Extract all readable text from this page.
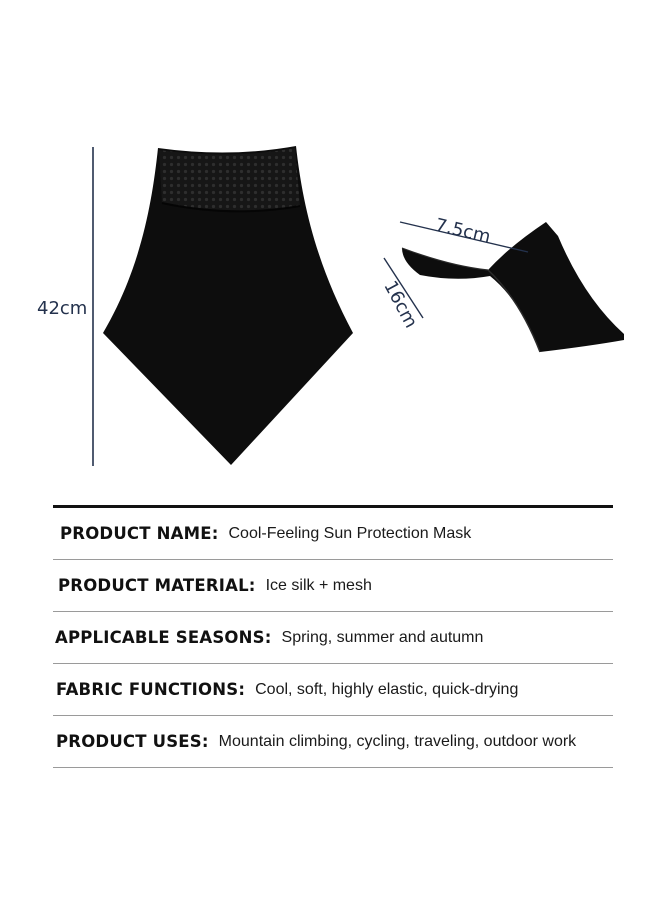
42cm
7.5cm
16cm
PRODUCT NAME: Cool-Feeling Sun Protection Mask
PRODUCT MATERIAL: Ice silk + mesh
APPLICABLE SEASONS: Spring, summer and autumn
FABRIC FUNCTIONS: Cool, soft, highly elastic, quick-drying
PRODUCT USES: Mountain climbing, cycling, traveling, outdoor work
